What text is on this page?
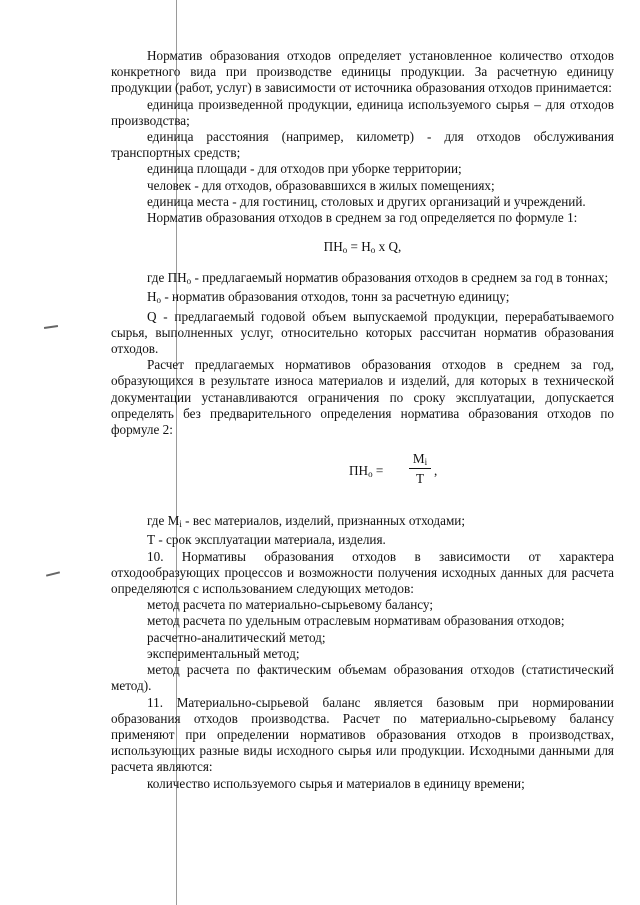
Норматив образования отходов определяет установленное количество отходов конкретного вида при производстве единицы продукции. За расчетную единицу продукции (работ, услуг) в зависимости от источника образования отходов принимается:

единица произведенной продукции, единица используемого сырья – для отходов производства;

единица расстояния (например, километр) - для отходов обслуживания транспортных средств;

единица площади - для отходов при уборке территории;

человек - для отходов, образовавшихся в жилых помещениях;

единица места - для гостиниц, столовых и других организаций и учреждений.

Норматив образования отходов в среднем за год определяется по формуле 1:

$ПН_о = Н_о$ x Q,

где $ПН_о$ - предлагаемый норматив образования отходов в среднем за год в тоннах;

$Н_о$ - норматив образования отходов, тонн за расчетную единицу;

Q - предлагаемый годовой объем выпускаемой продукции, перерабатываемого сырья, выполненных услуг, относительно которых рассчитан норматив образования отходов.

Расчет предлагаемых нормативов образования отходов в среднем за год, образующихся в результате износа материалов и изделий, для которых в технической документации устанавливаются ограничения по сроку эксплуатации, допускается определять без предварительного определения норматива образования отходов по формуле 2:

$ПН_о$ =
$М_i$
Т
,

где $М_i$ - вес материалов, изделий, признанных отходами;

Т - срок эксплуатации материала, изделия.

10. Нормативы образования отходов в зависимости от характера отходообразующих процессов и возможности получения исходных данных для расчета определяются с использованием следующих методов:

метод расчета по материально-сырьевому балансу;

метод расчета по удельным отраслевым нормативам образования отходов;

расчетно-аналитический метод;

экспериментальный метод;

метод расчета по фактическим объемам образования отходов (статистический метод).

11. Материально-сырьевой баланс является базовым при нормировании образования отходов производства. Расчет по материально-сырьевому балансу применяют при определении нормативов образования отходов в производствах, использующих разные виды исходного сырья или продукции. Исходными данными для расчета являются:

количество используемого сырья и материалов в единицу времени;
